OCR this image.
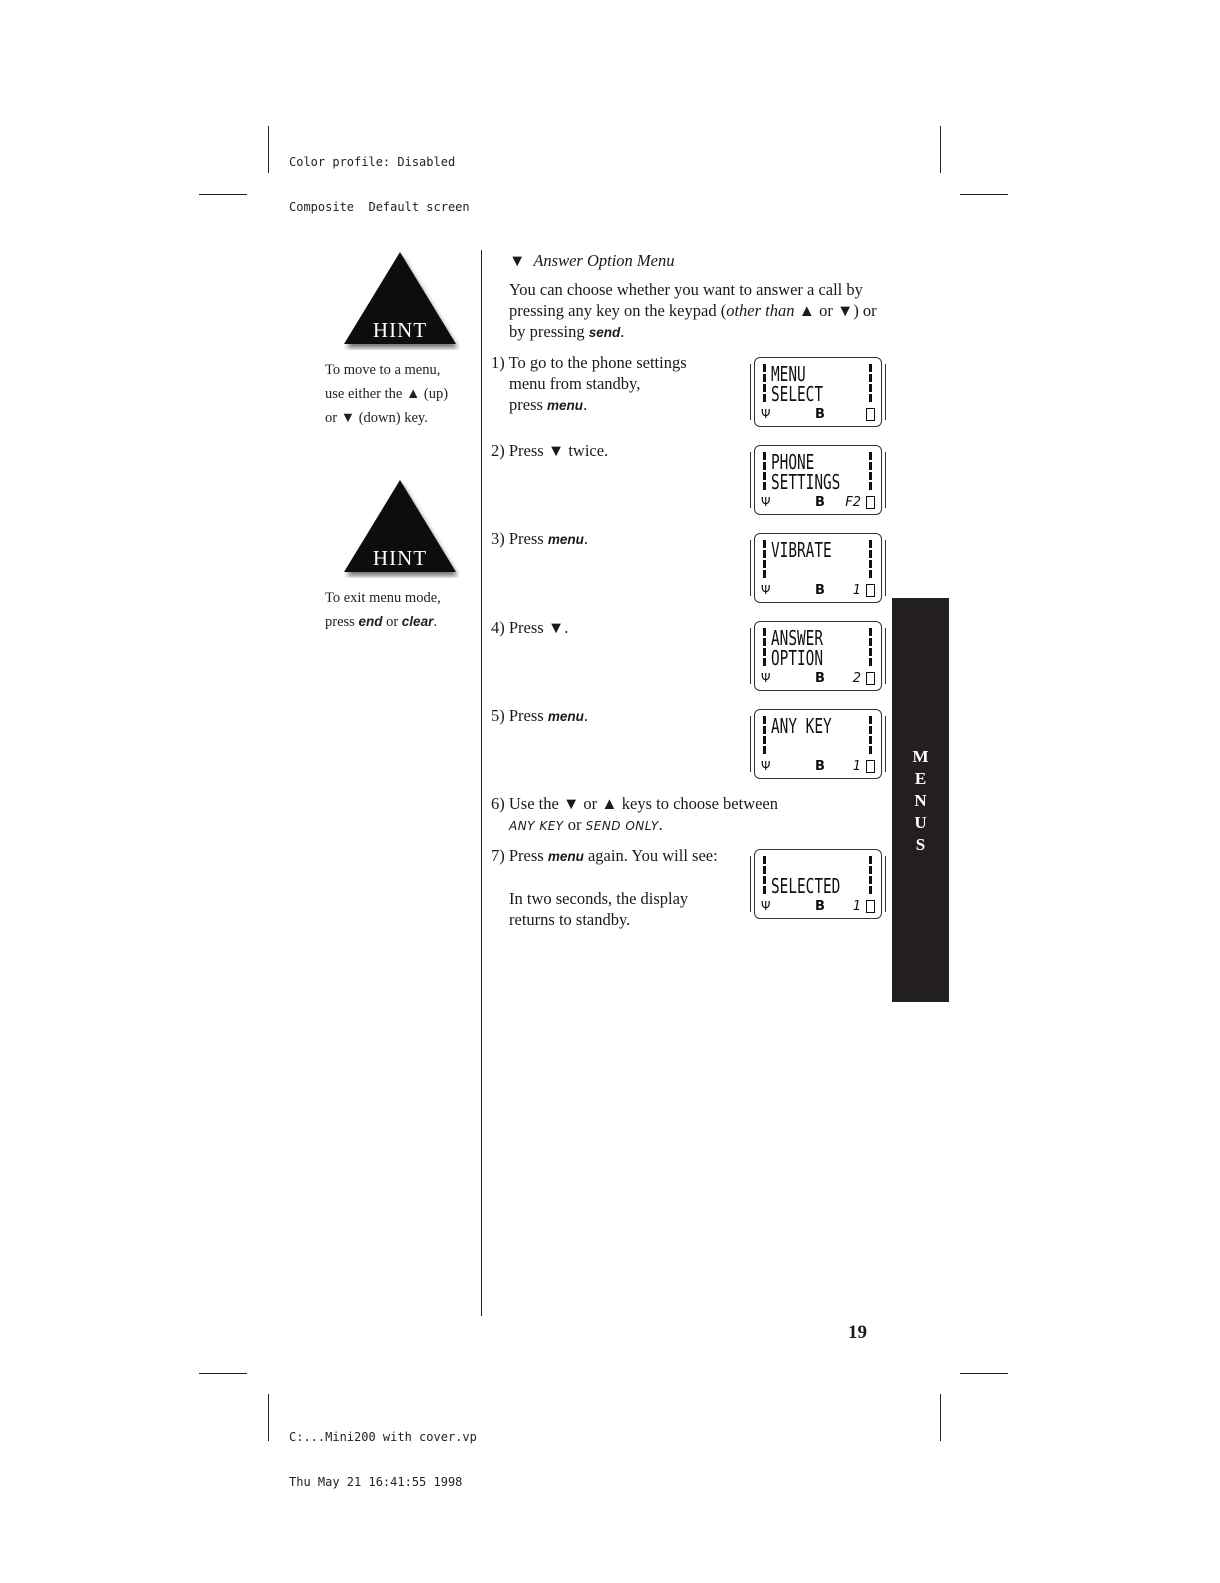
Color profile: Disabled

Composite  Default screen

C:...Mini200 with cover.vp

Thu May 21 16:41:55 1998

HINT
To move to a menu,
use either the ▲ (up)
or ▼ (down) key.
HINT
To exit menu mode,
press end or clear.
▼ Answer Option Menu
You can choose whether you want to answer a call by
pressing any key on the keypad (other than ▲ or ▼) or
by pressing send.
1) To go to the phone settings
menu from standby,
press menu.
2) Press ▼ twice.
3) Press menu.
4) Press ▼.
5) Press menu.
6) Use the ▼ or ▲ keys to choose between
ANY KEY or SEND ONLY.
7) Press menu again. You will see:
In two seconds, the display
returns to standby.
MENU
SELECT
Ψ	B
PHONE
SETTINGS
Ψ	B F2
VIBRATE
Ψ	B 1
ANSWER
OPTION
Ψ	B 2
ANY KEY
Ψ	B 1
SELECTED
Ψ	B 1
M
E
N
U
S
19
